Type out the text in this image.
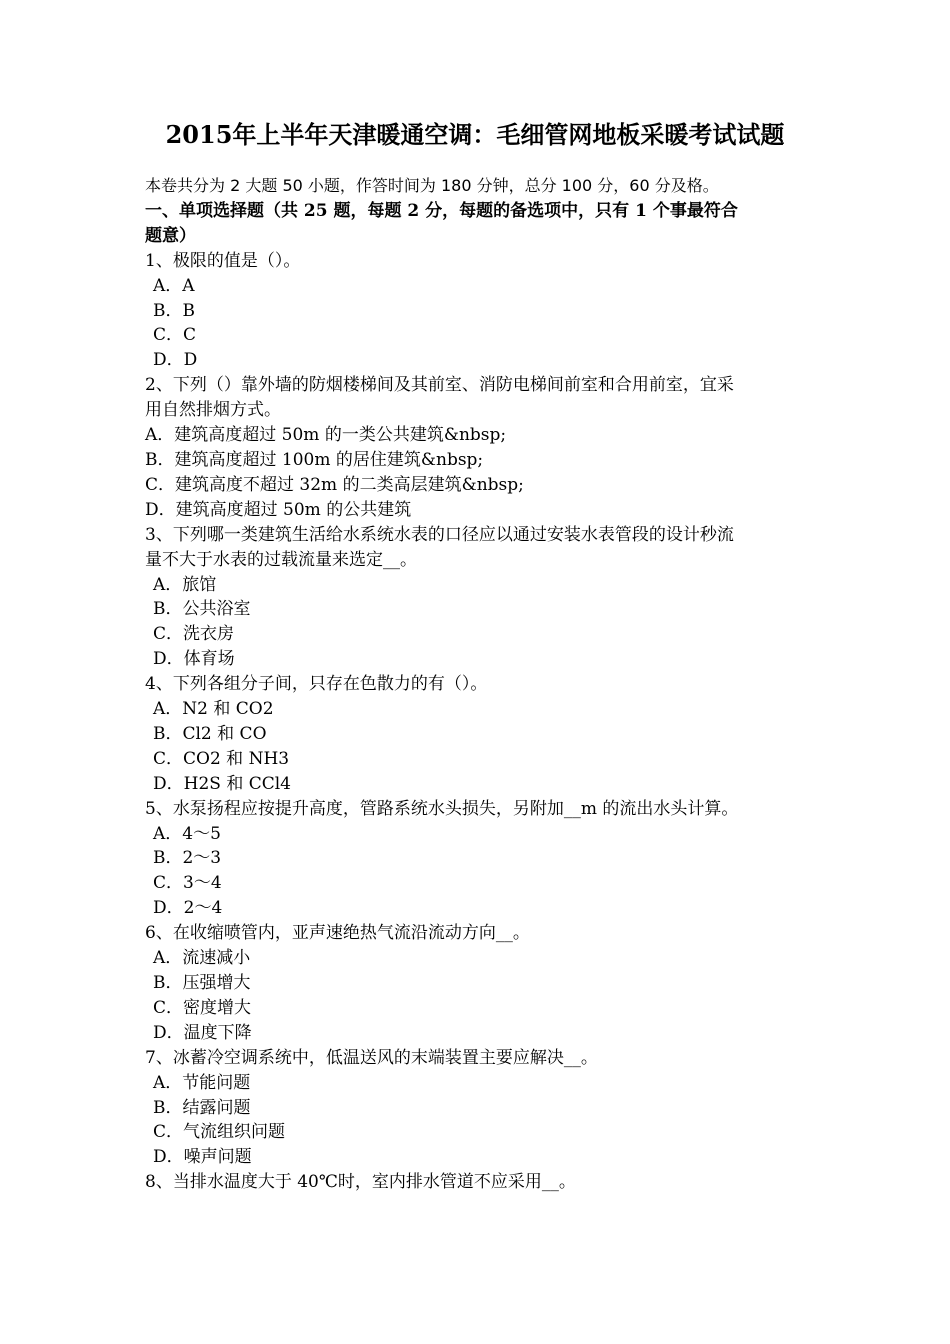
2015年上半年天津暖通空调：毛细管网地板采暖考试试题
本卷共分为 2 大题 50 小题，作答时间为 180 分钟，总分 100 分，60 分及格。
一、单项选择题（共 25 题，每题 2 分，每题的备选项中，只有 1 个事最符合
题意）
1、极限的值是（）。
A．A
B．B
C．C
D．D
2、下列（）靠外墙的防烟楼梯间及其前室、消防电梯间前室和合用前室，宜采
用自然排烟方式。
A．建筑高度超过 50m 的一类公共建筑&nbsp;
B．建筑高度超过 100m 的居住建筑&nbsp;
C．建筑高度不超过 32m 的二类高层建筑&nbsp;
D．建筑高度超过 50m 的公共建筑
3、下列哪一类建筑生活给水系统水表的口径应以通过安装水表管段的设计秒流
量不大于水表的过载流量来选定__。
A．旅馆
B．公共浴室
C．洗衣房
D．体育场
4、下列各组分子间，只存在色散力的有（）。
A．N2 和 CO2
B．Cl2 和 CO
C．CO2 和 NH3
D．H2S 和 CCl4
5、水泵扬程应按提升高度，管路系统水头损失，另附加__m 的流出水头计算。
A．4～5
B．2～3
C．3～4
D．2～4
6、在收缩喷管内，亚声速绝热气流沿流动方向__。
A．流速减小
B．压强增大
C．密度增大
D．温度下降
7、冰蓄冷空调系统中，低温送风的末端装置主要应解决__。
A．节能问题
B．结露问题
C．气流组织问题
D．噪声问题
8、当排水温度大于 40℃时，室内排水管道不应采用__。
